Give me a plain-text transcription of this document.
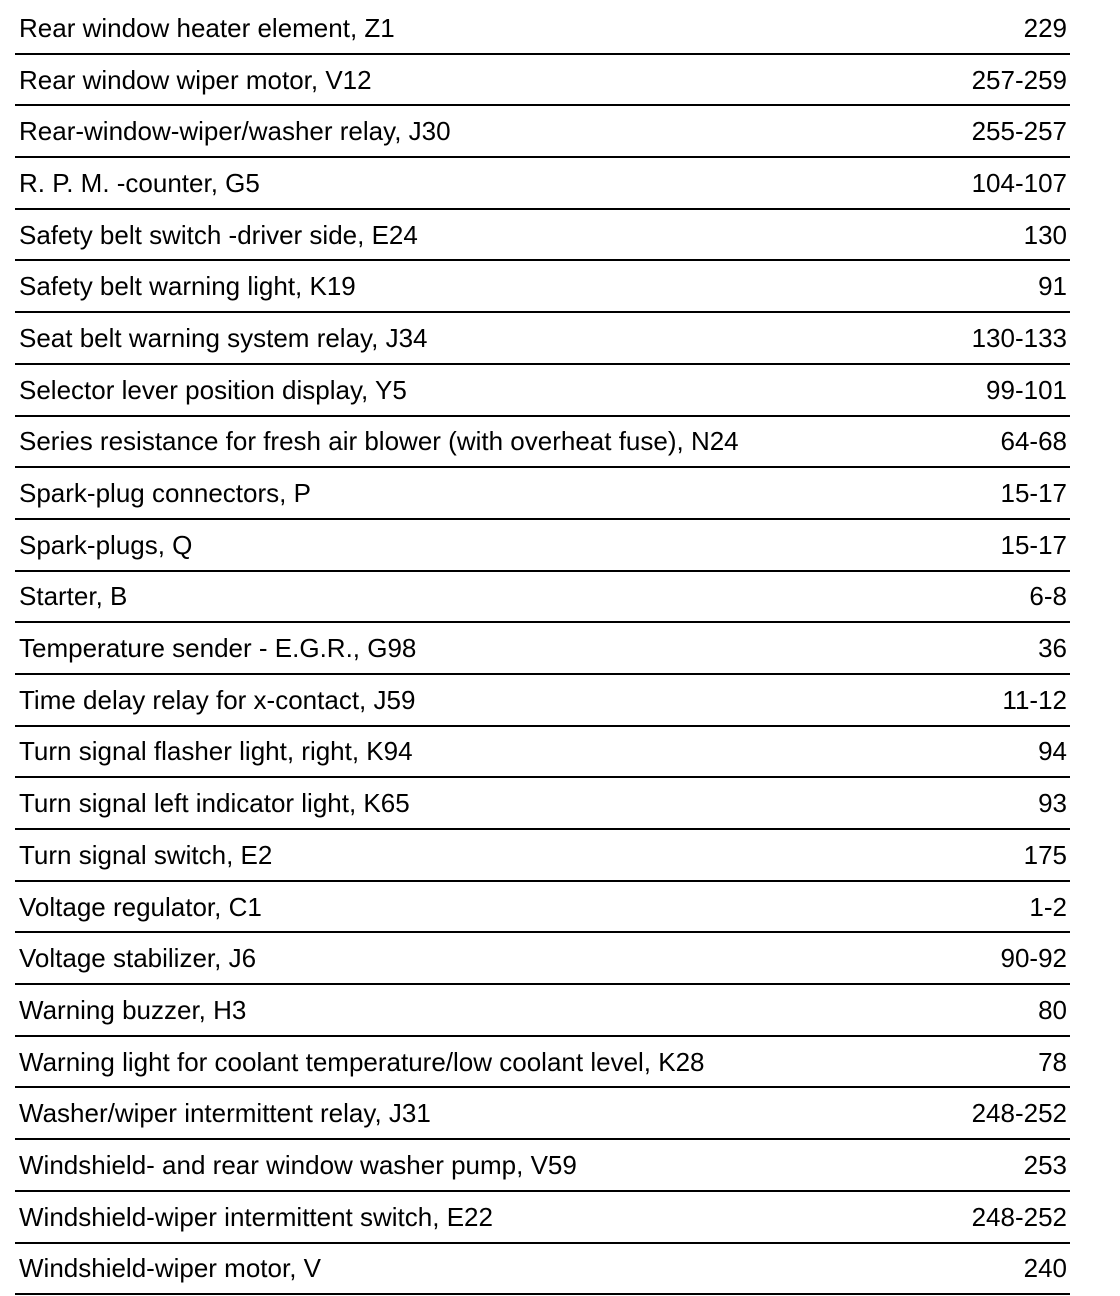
Rear window heater element, Z1	229
Rear window wiper motor, V12	257-259
Rear-window-wiper/washer relay, J30	255-257
R. P. M. -counter, G5	104-107
Safety belt switch -driver side, E24	130
Safety belt warning light, K19	91
Seat belt warning system relay, J34	130-133
Selector lever position display, Y5	99-101
Series resistance for fresh air blower (with overheat fuse), N24	64-68
Spark-plug connectors, P	15-17
Spark-plugs, Q	15-17
Starter, B	6-8
Temperature sender - E.G.R., G98	36
Time delay relay for x-contact, J59	11-12
Turn signal flasher light, right, K94	94
Turn signal left indicator light, K65	93
Turn signal switch, E2	175
Voltage regulator, C1	1-2
Voltage stabilizer, J6	90-92
Warning buzzer, H3	80
Warning light for coolant temperature/low coolant level, K28	78
Washer/wiper intermittent relay, J31	248-252
Windshield- and rear window washer pump, V59	253
Windshield-wiper intermittent switch, E22	248-252
Windshield-wiper motor, V	240
